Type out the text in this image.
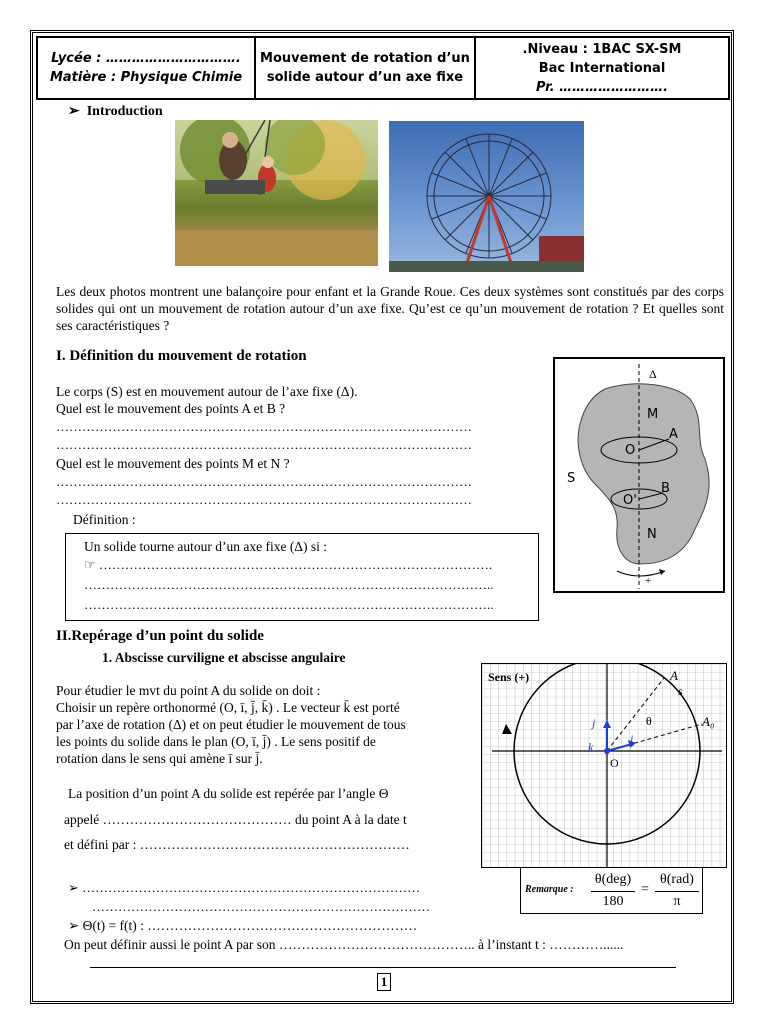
Lycée : ………………………….
Matière : Physique Chimie
Mouvement de rotation d’un
solide autour d’un axe fixe
.Niveau : 1BAC SX-SM
Bac International
Pr. …………………….
➢ Introduction
Les deux photos montrent une balançoire pour enfant et la Grande Roue. Ces deux systèmes sont constitués par des corps solides qui ont un mouvement de rotation autour d’un axe fixe. Qu’est ce qu’un mouvement de rotation ? Et quelles sont ses caractéristiques ?
I. Définition du mouvement de rotation
Le corps (S) est en mouvement autour de l’axe fixe (Δ).
Quel est le mouvement des points A et B ?
……………………………………………………………………………………
……………………………………………………………………………………
Quel est le mouvement des points M et N ?
……………………………………………………………………………………
……………………………………………………………………………………
Définition :
Un solide tourne autour d’un axe fixe (Δ) si :
☞ ……………………………………………………………………………….
…………………………………………………………………………………..
…………………………………………………………………………………..
Δ
M
A
O
S
B
O'
N
+
II.Repérage d’un point du solide
1. Abscisse curviligne et abscisse angulaire
Pour étudier le mvt du point A du solide on doit :
Choisir un repère orthonormé (O, ī, j̄, k̄) . Le vecteur k̄ est porté
par l’axe de rotation (Δ) et on peut étudier le mouvement de tous
les points du solide dans le plan (O, ī, j̄) . Le sens positif de
rotation dans le sens qui amène ī sur j̄.
La position d’un point A du solide est repérée par l’angle Θ
appelé …………………………………… du point A à la date t
et défini par : ……………………………………………………
Sens (+)	A
s
A₀
θ
j
k
i
O
Remarque :
θ(deg)
180
=
θ(rad)
π
➢ ……………………………………………………………………
……………………………………………………………………
➢ Θ(t) = f(t) : ……………………………………………………
On peut définir aussi le point A par son …………………………………….. à l’instant t : …………......
1
